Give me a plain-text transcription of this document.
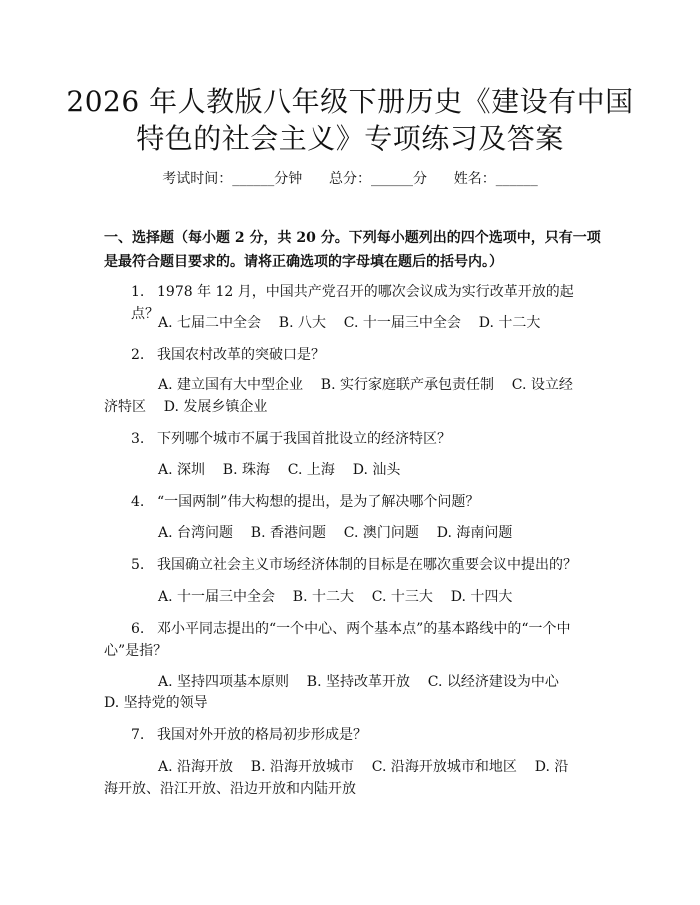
2026 年人教版八年级下册历史《建设有中国
特色的社会主义》专项练习及答案
考试时间：______分钟      总分：______分      姓名：______
一、选择题（每小题 2 分，共 20 分。下列每小题列出的四个选项中，只有一项是最符合题目要求的。请将正确选项的字母填在题后的括号内。）
1. 1978 年 12 月，中国共产党召开的哪次会议成为实行改革开放的起点？
A. 七届二中全会    B. 八大    C. 十一届三中全会    D. 十二大
2. 我国农村改革的突破口是？
A. 建立国有大中型企业    B. 实行家庭联产承包责任制    C. 设立经
济特区    D. 发展乡镇企业
3. 下列哪个城市不属于我国首批设立的经济特区？
A. 深圳    B. 珠海    C. 上海    D. 汕头
4. “一国两制”伟大构想的提出，是为了解决哪个问题？
A. 台湾问题    B. 香港问题    C. 澳门问题    D. 海南问题
5. 我国确立社会主义市场经济体制的目标是在哪次重要会议中提出的？
A. 十一届三中全会    B. 十二大    C. 十三大    D. 十四大
6. 邓小平同志提出的“一个中心、两个基本点”的基本路线中的“一个中
心”是指？
A. 坚持四项基本原则    B. 坚持改革开放    C. 以经济建设为中心
D. 坚持党的领导
7. 我国对外开放的格局初步形成是？
A. 沿海开放    B. 沿海开放城市    C. 沿海开放城市和地区    D. 沿
海开放、沿江开放、沿边开放和内陆开放
